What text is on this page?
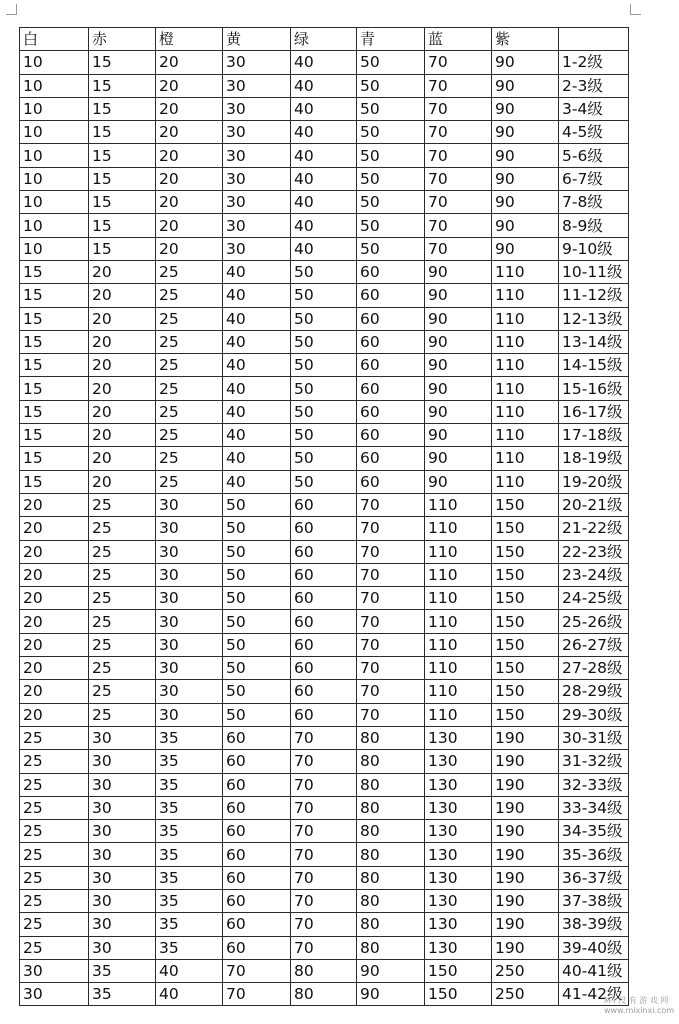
白	赤	橙	黄	绿	青	蓝	紫	
10	15	20	30	40	50	70	90	1-2级
10	15	20	30	40	50	70	90	2-3级
10	15	20	30	40	50	70	90	3-4级
10	15	20	30	40	50	70	90	4-5级
10	15	20	30	40	50	70	90	5-6级
10	15	20	30	40	50	70	90	6-7级
10	15	20	30	40	50	70	90	7-8级
10	15	20	30	40	50	70	90	8-9级
10	15	20	30	40	50	70	90	9-10级
15	20	25	40	50	60	90	110	10-11级
15	20	25	40	50	60	90	110	11-12级
15	20	25	40	50	60	90	110	12-13级
15	20	25	40	50	60	90	110	13-14级
15	20	25	40	50	60	90	110	14-15级
15	20	25	40	50	60	90	110	15-16级
15	20	25	40	50	60	90	110	16-17级
15	20	25	40	50	60	90	110	17-18级
15	20	25	40	50	60	90	110	18-19级
15	20	25	40	50	60	90	110	19-20级
20	25	30	50	60	70	110	150	20-21级
20	25	30	50	60	70	110	150	21-22级
20	25	30	50	60	70	110	150	22-23级
20	25	30	50	60	70	110	150	23-24级
20	25	30	50	60	70	110	150	24-25级
20	25	30	50	60	70	110	150	25-26级
20	25	30	50	60	70	110	150	26-27级
20	25	30	50	60	70	110	150	27-28级
20	25	30	50	60	70	110	150	28-29级
20	25	30	50	60	70	110	150	29-30级
25	30	35	60	70	80	130	190	30-31级
25	30	35	60	70	80	130	190	31-32级
25	30	35	60	70	80	130	190	32-33级
25	30	35	60	70	80	130	190	33-34级
25	30	35	60	70	80	130	190	34-35级
25	30	35	60	70	80	130	190	35-36级
25	30	35	60	70	80	130	190	36-37级
25	30	35	60	70	80	130	190	37-38级
25	30	35	60	70	80	130	190	38-39级
25	30	35	60	70	80	130	190	39-40级
30	35	40	70	80	90	150	250	40-41级
30	35	40	70	80	90	150	250	41-42级
M i 没 有 游 戏 网
www.mixinxi.com
